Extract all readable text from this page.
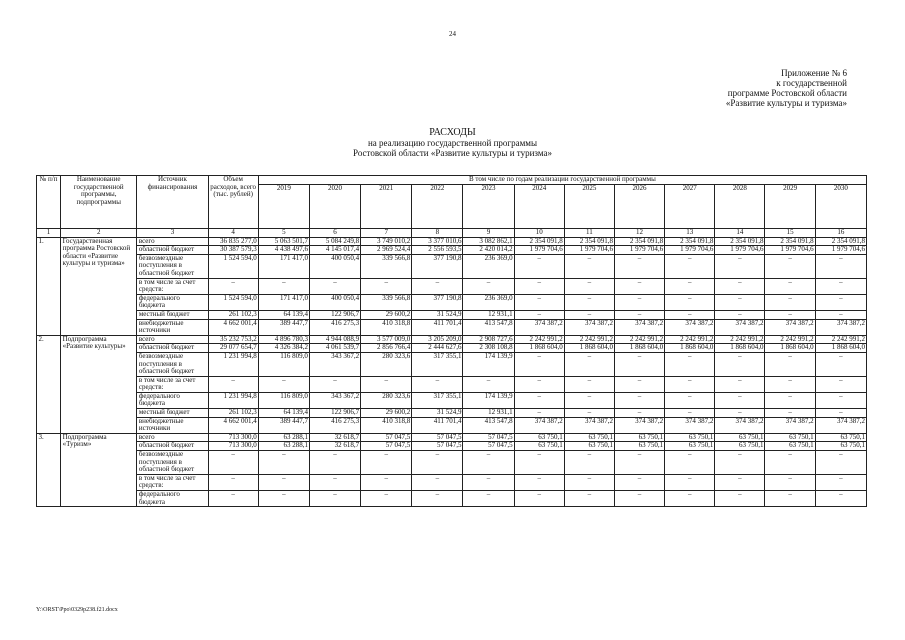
24
Приложение № 6
к государственной
программе Ростовской области
«Развитие культуры и туризма»
РАСХОДЫ
на реализацию государственной программы
Ростовской области «Развитие культуры и туризма»
№ п/п	Наименование государственной программы, подпрограммы	Источник финансирования	Объем расходов, всего (тыс. рублей)	В том числе по годам реализации государственной программы											
				2019	2020	2021	2022	2023	2024	2025	2026	2027	2028	2029	2030
1	2	3	4	5	6	7	8	9	10	11	12	13	14	15	16
1.	Государственная программа Ростовской области «Развитие культуры и туризма»	всего	36 835 277,0	5 063 501,7	5 084 249,8	3 749 010,2	3 377 010,6	3 082 862,1	2 354 091,8	2 354 091,8	2 354 091,8	2 354 091,8	2 354 091,8	2 354 091,8	2 354 091,8
		областной бюджет	30 387 579,3	4 438 497,6	4 145 017,4	2 969 524,4	2 556 593,5	2 420 014,2	1 979 704,6	1 979 704,6	1 979 704,6	1 979 704,6	1 979 704,6	1 979 704,6	1 979 704,6
		безвозмездные поступления в областной бюджет	1 524 594,0	171 417,0	400 050,4	339 566,8	377 190,8	236 369,0	–	–	–	–	–	–	–
		в том числе за счет средств:	–	–	–	–	–	–	–	–	–	–	–	–	–
		федерального бюджета	1 524 594,0	171 417,0	400 050,4	339 566,8	377 190,8	236 369,0	–	–	–	–	–	–	–
		местный бюджет	261 102,3	64 139,4	122 906,7	29 600,2	31 524,9	12 931,1	–	–	–	–	–	–	–
		внебюджетные источники	4 662 001,4	389 447,7	416 275,3	410 318,8	411 701,4	413 547,8	374 387,2	374 387,2	374 387,2	374 387,2	374 387,2	374 387,2	374 387,2
2.	Подпрограмма «Развитие культуры»	всего	35 232 753,2	4 896 780,3	4 944 088,9	3 577 009,0	3 205 209,0	2 908 727,6	2 242 991,2	2 242 991,2	2 242 991,2	2 242 991,2	2 242 991,2	2 242 991,2	2 242 991,2
		областной бюджет	29 077 654,7	4 326 384,2	4 061 539,7	2 856 766,4	2 444 627,6	2 308 108,8	1 868 604,0	1 868 604,0	1 868 604,0	1 868 604,0	1 868 604,0	1 868 604,0	1 868 604,0
		безвозмездные поступления в областной бюджет	1 231 994,8	116 809,0	343 367,2	280 323,6	317 355,1	174 139,9	–	–	–	–	–	–	–
		в том числе за счет средств:	–	–	–	–	–	–	–	–	–	–	–	–	–
		федерального бюджета	1 231 994,8	116 809,0	343 367,2	280 323,6	317 355,1	174 139,9	–	–	–	–	–	–	–
		местный бюджет	261 102,3	64 139,4	122 906,7	29 600,2	31 524,9	12 931,1	–	–	–	–	–	–	–
		внебюджетные источники	4 662 001,4	389 447,7	416 275,3	410 318,8	411 701,4	413 547,8	374 387,2	374 387,2	374 387,2	374 387,2	374 387,2	374 387,2	374 387,2
3.	Подпрограмма «Туризм»	всего	713 300,0	63 288,1	32 618,7	57 047,5	57 047,5	57 047,5	63 750,1	63 750,1	63 750,1	63 750,1	63 750,1	63 750,1	63 750,1
		областной бюджет	713 300,0	63 288,1	32 618,7	57 047,5	57 047,5	57 047,5	63 750,1	63 750,1	63 750,1	63 750,1	63 750,1	63 750,1	63 750,1
		безвозмездные поступления в областной бюджет	–	–	–	–	–	–	–	–	–	–	–	–	–
		в том числе за счет средств:	–	–	–	–	–	–	–	–	–	–	–	–	–
		федерального бюджета	–	–	–	–	–	–	–	–	–	–	–	–	–
Y:\ORST\Ppo\0329p238.f21.docx
